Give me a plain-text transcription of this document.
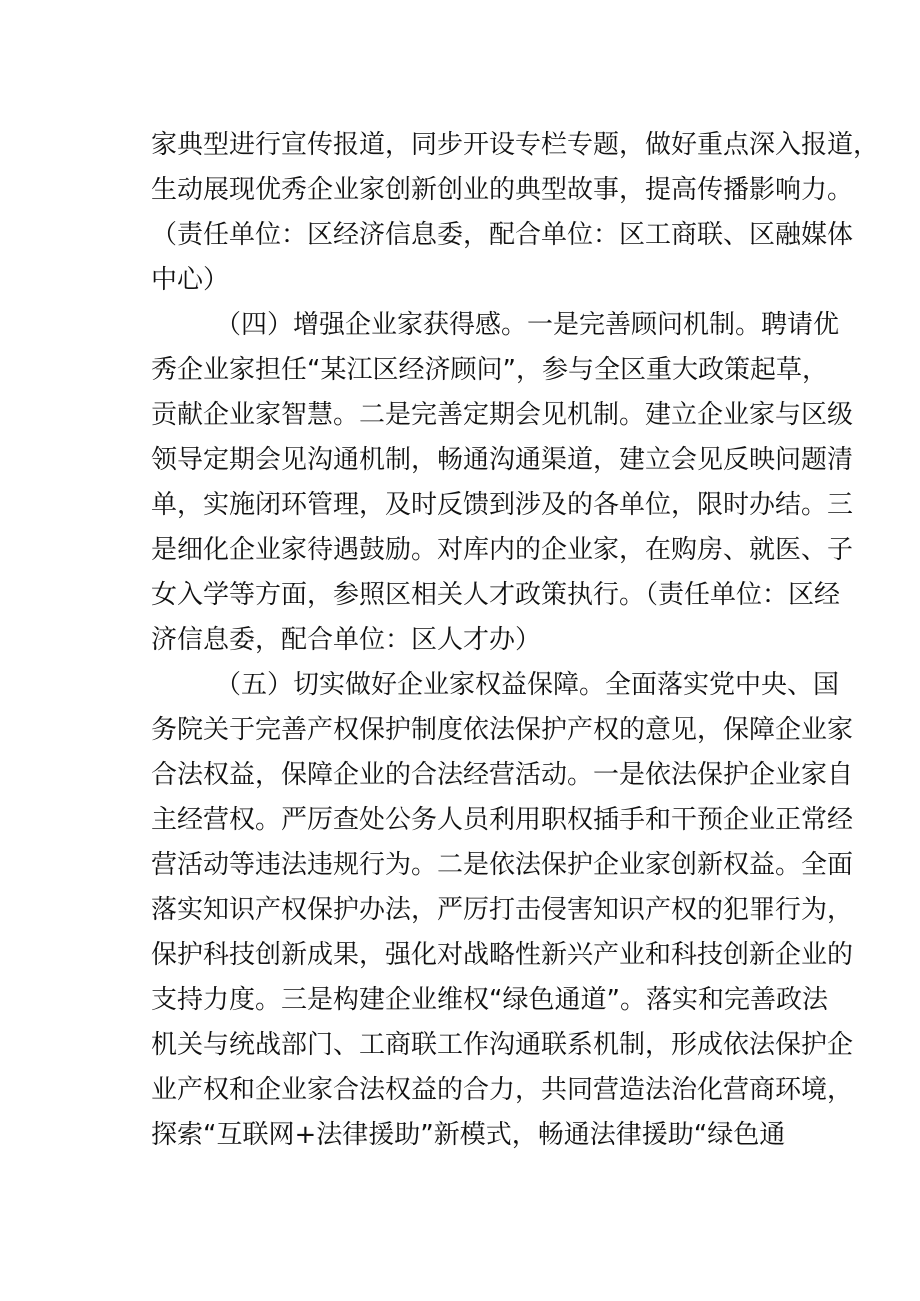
家典型进行宣传报道，同步开设专栏专题，做好重点深入报道，
生动展现优秀企业家创新创业的典型故事，提高传播影响力。
（责任单位：区经济信息委，配合单位：区工商联、区融媒体
中心）
（四）增强企业家获得感。一是完善顾问机制。聘请优
秀企业家担任“某江区经济顾问”，参与全区重大政策起草，
贡献企业家智慧。二是完善定期会见机制。建立企业家与区级
领导定期会见沟通机制，畅通沟通渠道，建立会见反映问题清
单，实施闭环管理，及时反馈到涉及的各单位，限时办结。三
是细化企业家待遇鼓励。对库内的企业家，在购房、就医、子
女入学等方面，参照区相关人才政策执行。（责任单位：区经
济信息委，配合单位：区人才办）
（五）切实做好企业家权益保障。全面落实党中央、国
务院关于完善产权保护制度依法保护产权的意见，保障企业家
合法权益，保障企业的合法经营活动。一是依法保护企业家自
主经营权。严厉查处公务人员利用职权插手和干预企业正常经
营活动等违法违规行为。二是依法保护企业家创新权益。全面
落实知识产权保护办法，严厉打击侵害知识产权的犯罪行为，
保护科技创新成果，强化对战略性新兴产业和科技创新企业的
支持力度。三是构建企业维权“绿色通道”。落实和完善政法
机关与统战部门、工商联工作沟通联系机制，形成依法保护企
业产权和企业家合法权益的合力，共同营造法治化营商环境，
探索“互联网+法律援助”新模式，畅通法律援助“绿色通
